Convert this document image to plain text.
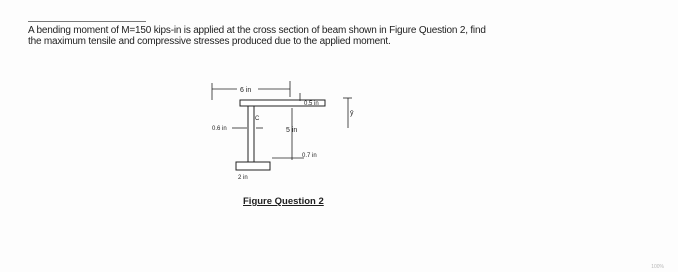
A bending moment of M=150 kips-in is applied at the cross section of beam shown in Figure Question 2, find
the maximum tensile and compressive stresses produced due to the applied moment.
6 in
0.5 in
ȳ
C
0.6 in	5 in
0.7 in
2 in
Figure Question 2
100%
